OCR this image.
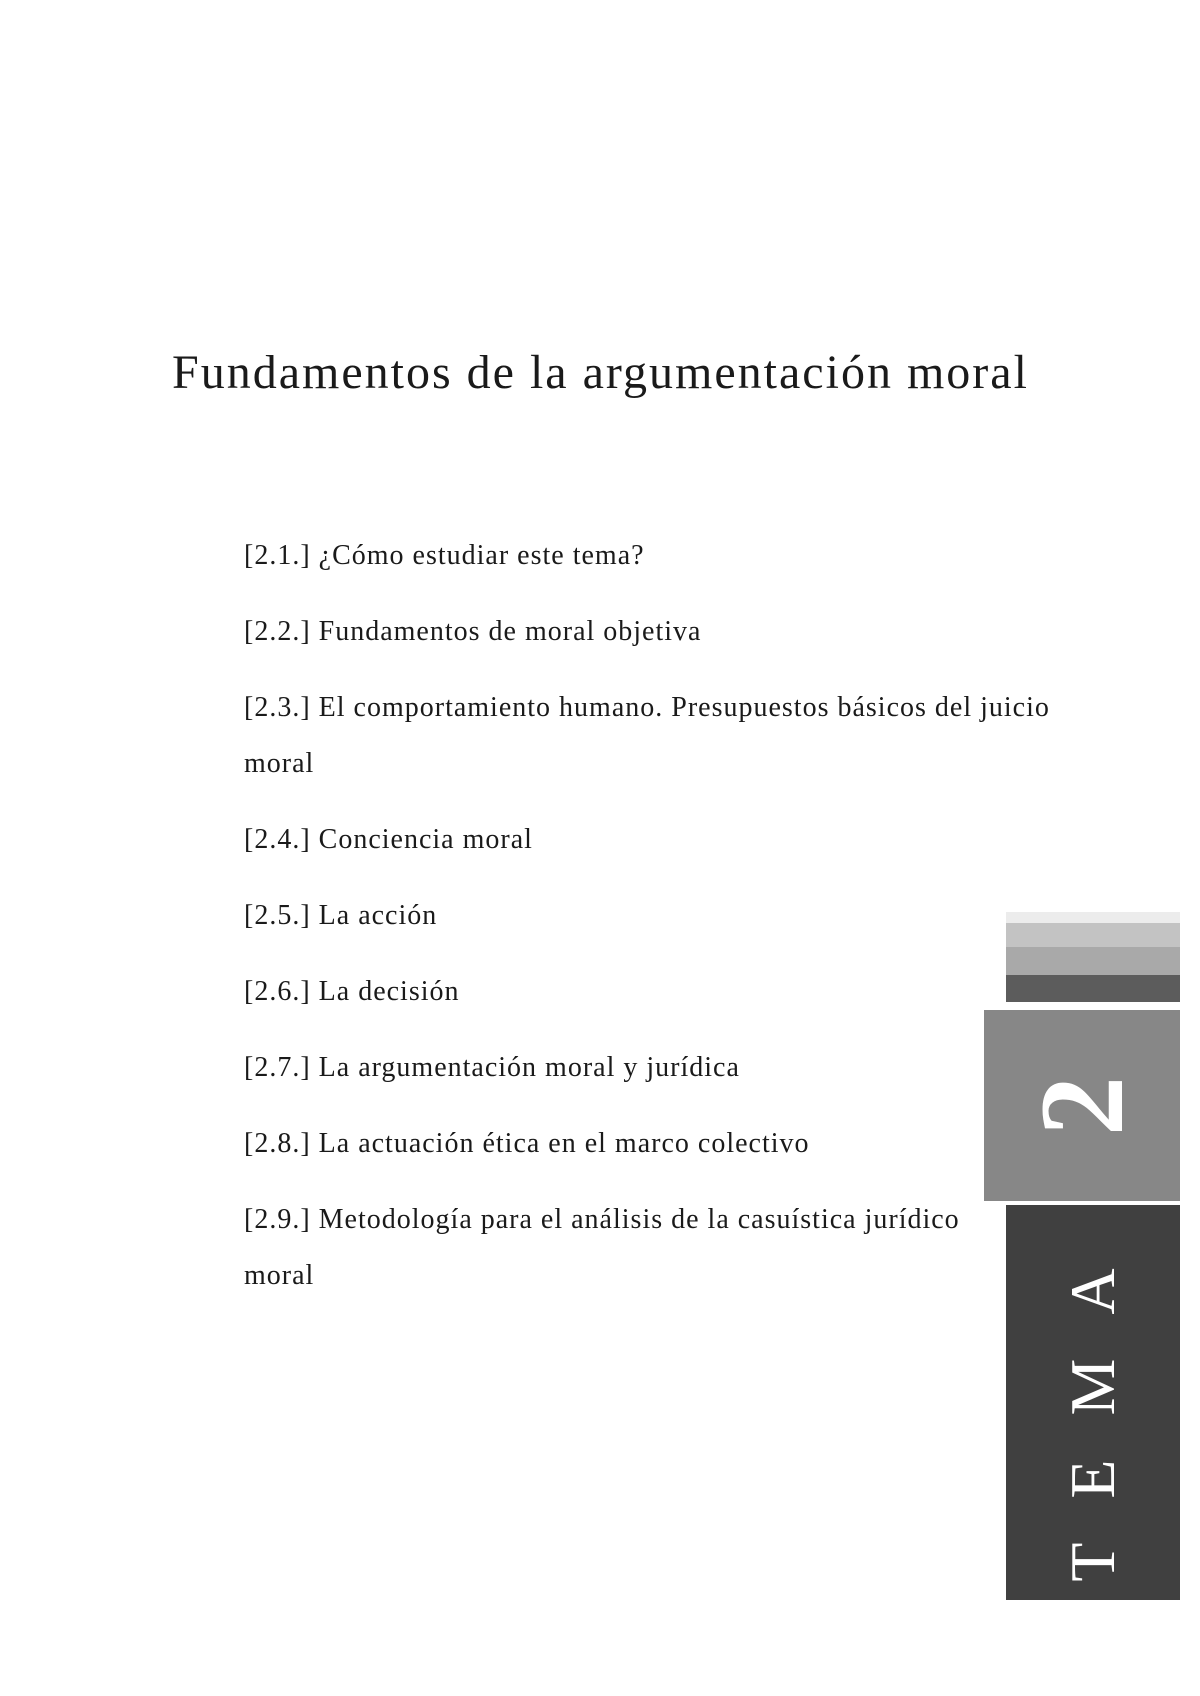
Fundamentos de la argumentación moral
[2.1.] ¿Cómo estudiar este tema?
[2.2.] Fundamentos de moral objetiva
[2.3.] El comportamiento humano. Presupuestos básicos del juicio moral
[2.4.] Conciencia moral
[2.5.] La acción
[2.6.] La decisión
[2.7.] La argumentación moral y jurídica
[2.8.] La actuación ética en el marco colectivo
[2.9.] Metodología para el análisis de la casuística jurídico moral
2
TEMA
